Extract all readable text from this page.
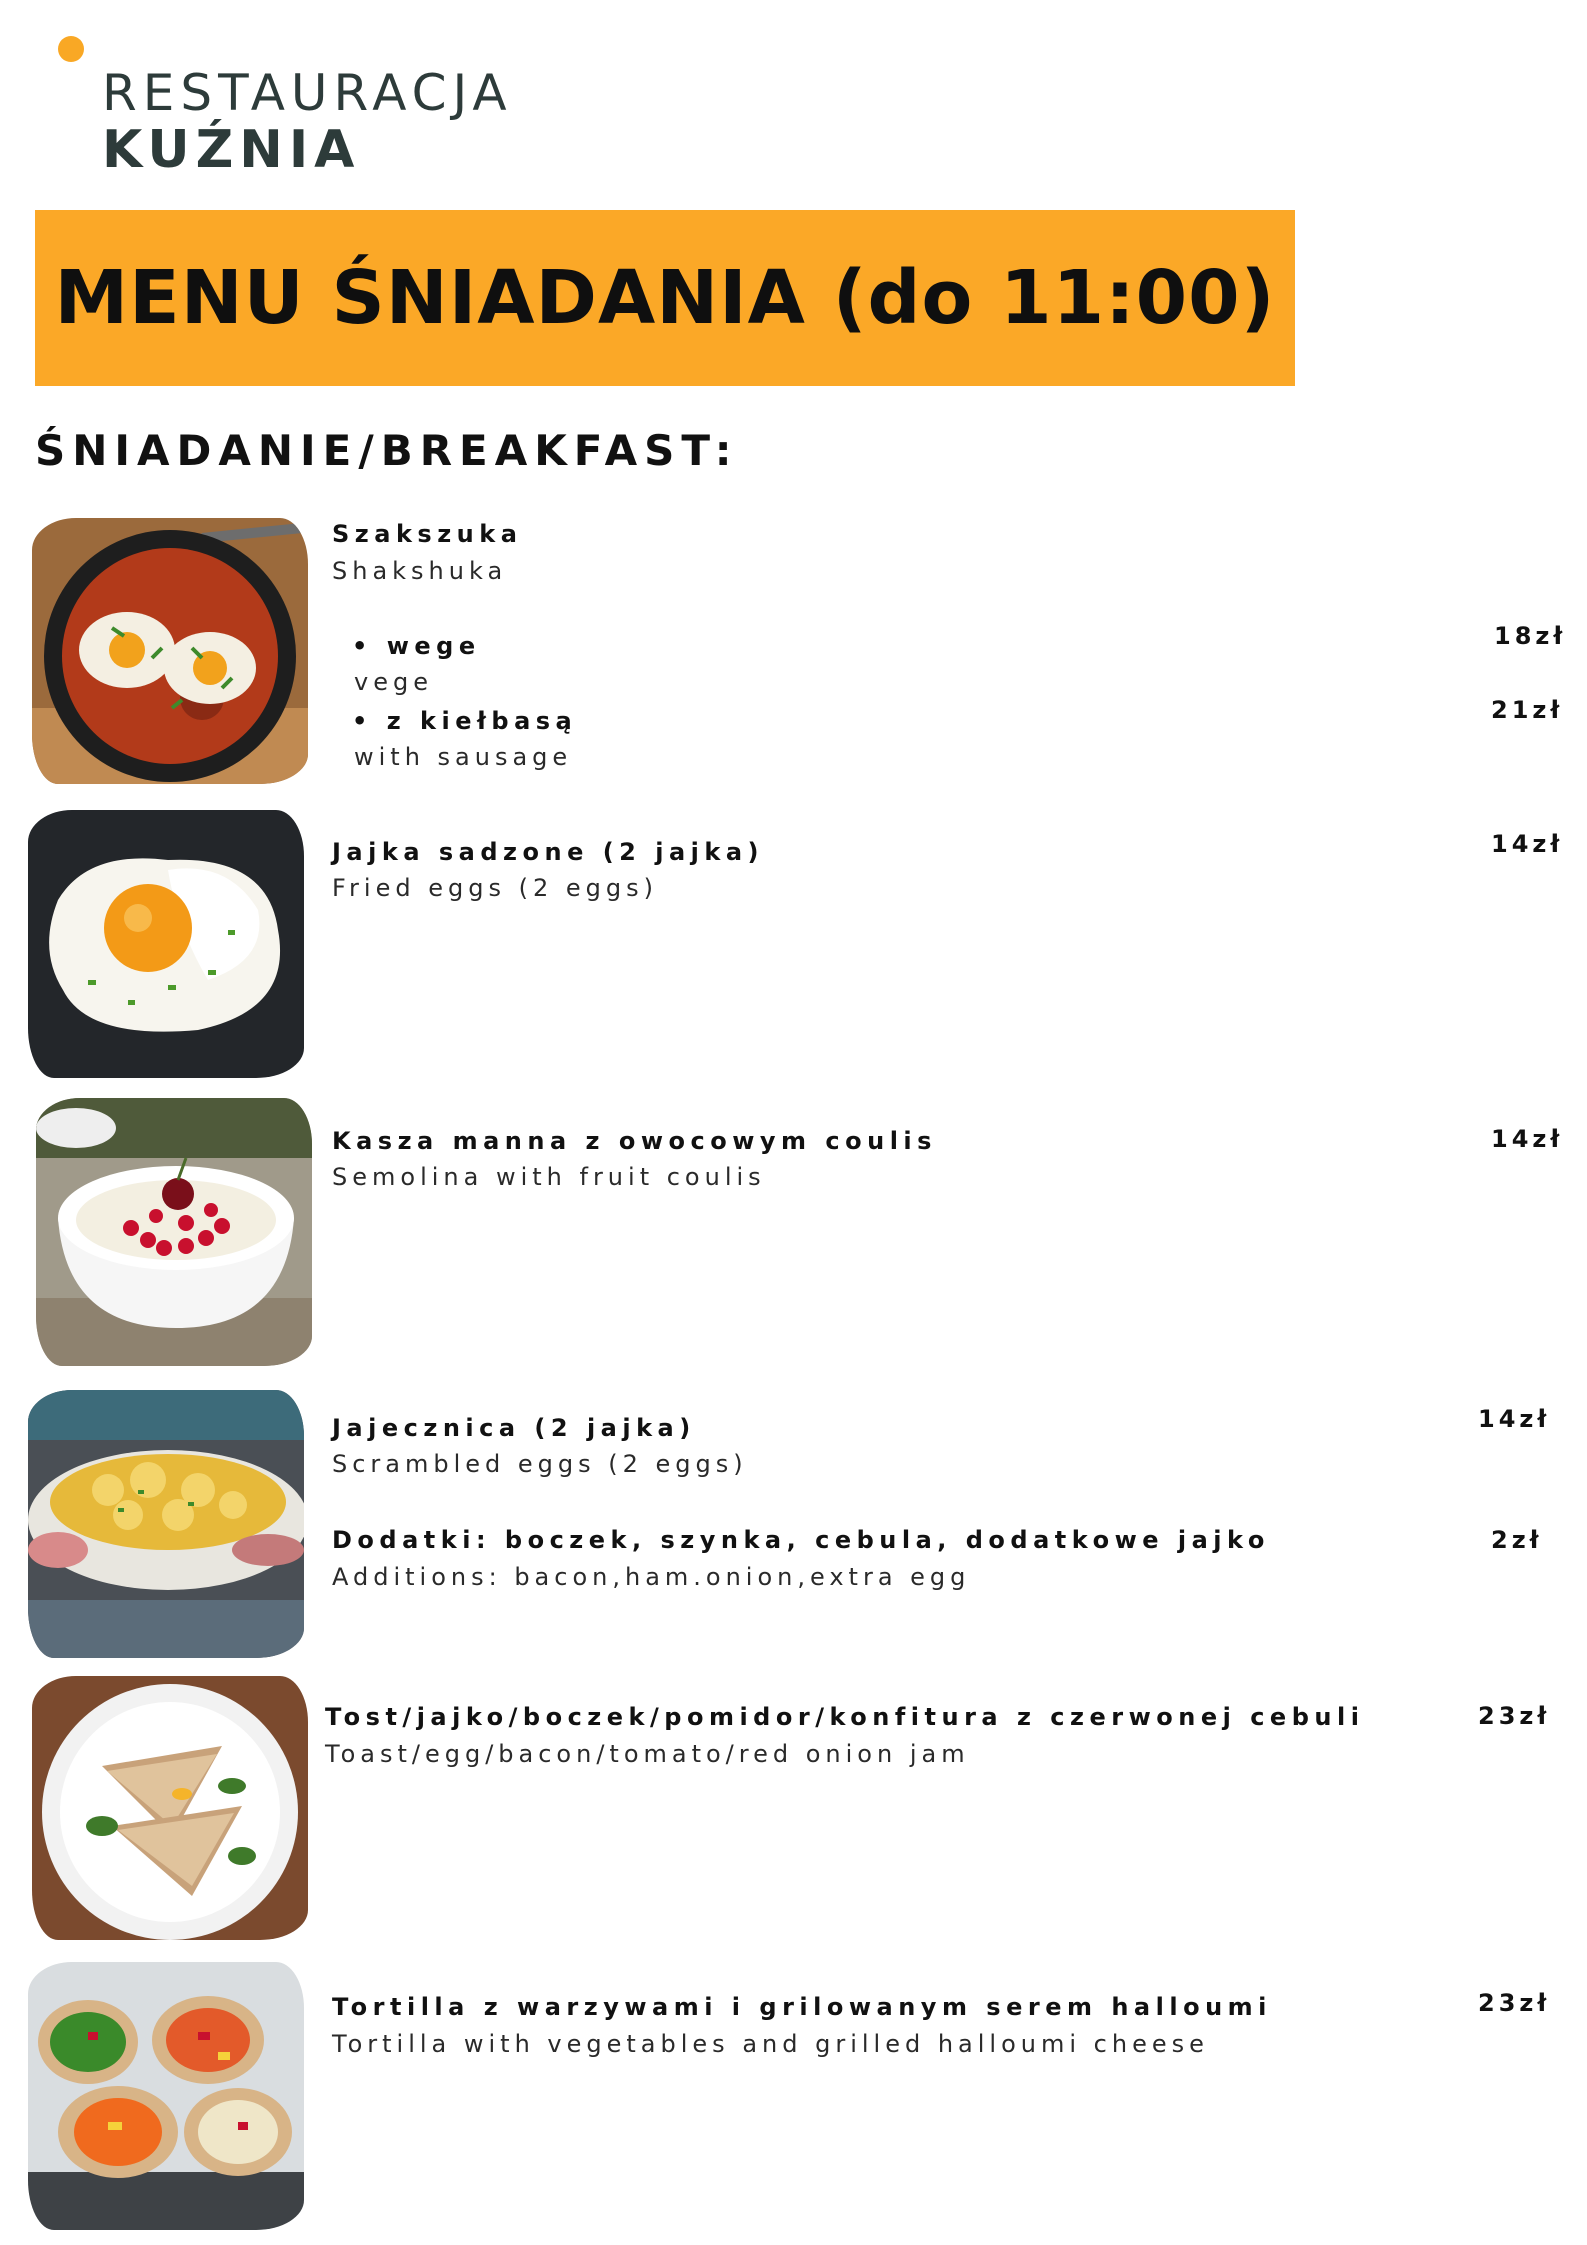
RESTAURACJA
KUŹNIA
MENU ŚNIADANIA (do 11:00)
ŚNIADANIE/BREAKFAST:
Szakszuka
Shakshuka
• wege
vege
18zł
• z kiełbasą
with sausage
21zł
Jajka sadzone (2 jajka)
Fried eggs (2 eggs)
14zł
Kasza manna z owocowym coulis
Semolina with fruit coulis
14zł
Jajecznica (2 jajka)
Scrambled eggs (2 eggs)
14zł
Dodatki: boczek, szynka, cebula, dodatkowe jajko
Additions: bacon,ham.onion,extra egg
2zł
Tost/jajko/boczek/pomidor/konfitura z czerwonej cebuli
Toast/egg/bacon/tomato/red onion jam
23zł
Tortilla z warzywami i grilowanym serem halloumi
Tortilla with vegetables and grilled halloumi cheese
23zł
